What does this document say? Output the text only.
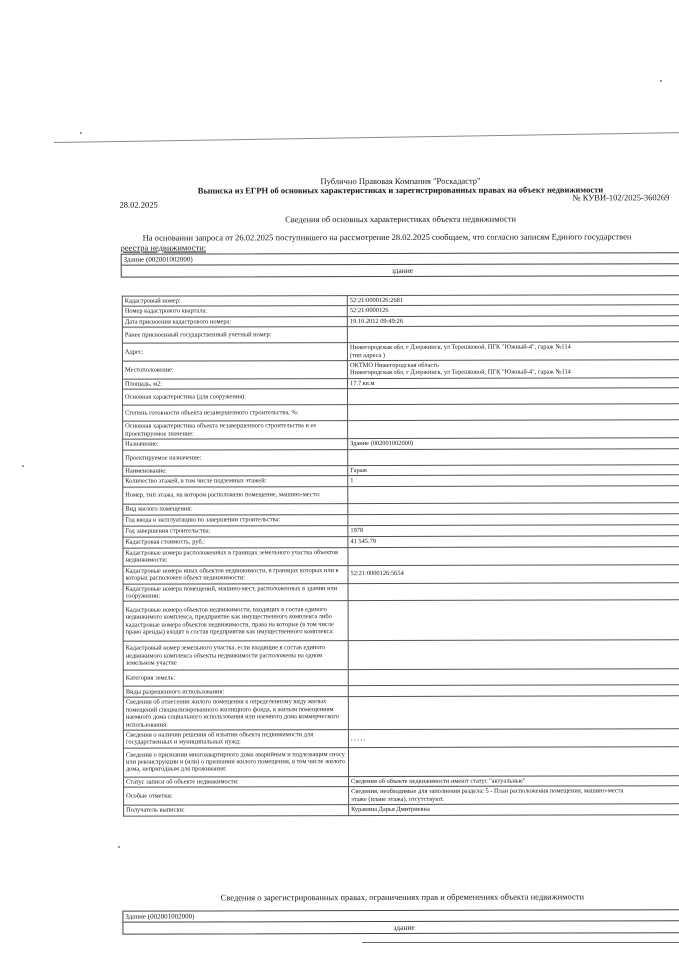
Публично Правовая Компания "Роскадастр"
Выписка из ЕГРН об основных характеристиках и зарегистрированных правах на объект недвижимости
28.02.2025
№ КУВИ-102/2025-360269
Сведения об основных характеристиках объекта недвижимости
На основании запроса от 26.02.2025 поступившего на рассмотрение 28.02.2025 сообщаем, что согласно записям Единого государствен
реестра недвижимости:
Здание (002001002000)
здание
Кадастровый номер:	52:21:0000126:2681
Номер кадастрового квартала:	52:21:0000126
Дата присвоения кадастрового номера:	19.10.2012 09:49:26
Ранее присвоенный государственный учетный номер:	
Адрес:	Нижегородская обл, г Дзержинск, ул Терешковой, ПГК "Южный-4", гараж №114
(тип адреса )
Местоположение:	ОКТМО Нижегородская область
Нижегородская обл, г Дзержинск, ул Терешковой, ПГК "Южный-4", гараж №114
Площадь, м2:	17.7 кв.м
Основная характеристика (для сооружения):	
Степень готовности объекта незавершенного строительства, %:	
Основная характеристика объекта незавершенного строительства и ее проектируемое значение:	
Назначение:	Здание (002001002000)
Проектируемое назначение:	
Наименование:	Гараж
Количество этажей, в том числе подземных этажей:	1
Номер, тип этажа, на котором расположено помещение, машино-место:	
Вид жилого помещения:	
Год ввода в эксплуатацию по завершении строительства:	
Год завершения строительства:	1978
Кадастровая стоимость, руб.:	41 545.79
Кадастровые номера расположенных в границах земельного участка объектов недвижимости:	
Кадастровые номера иных объектов недвижимости, в границах которых или в которых расположен объект недвижимости:	52:21:0000126:5654
Кадастровые номера помещений, машино-мест, расположенных в здании или сооружении:	
Кадастровые номера объектов недвижимости, входящих в состав единого недвижимого комплекса, предприятие как имущественного комплекса либо кадастровые номера объектов недвижимости, права на которые (в том числе право аренды) входят в состав предприятия как имущественного комплекса:	
Кадастровый номер земельного участка, если входящие в состав единого недвижимого комплекса объекты недвижимости расположены на одном земельном участке	
Категория земель:	
Виды разрешенного использования:	
Сведения об отнесении жилого помещения к определенному виду жилых помещений специализированного жилищного фонда, к жилым помещениям наемного дома социального использования или наемного дома коммерческого использования:	
Сведения о наличии решения об изъятии объекта недвижимости для государственных и муниципальных нужд:	, , , , ,
Сведения о признании многоквартирного дома аварийным и подлежащим сносу или реконструкции и (или) о признании жилого помещения, в том числе жилого дома, непригодным для проживания:	
Статус записи об объекте недвижимости:	Сведения об объекте недвижимости имеют статус "актуальные"
Особые отметки:	Сведения, необходимые для заполнения раздела: 5 - План расположения помещения, машино-места
этаже (плане этажа), отсутствуют.
Получатель выписки:	Куракина Дарья Дмитриевна
Сведения о зарегистрированных правах, ограничениях прав и обременениях объекта недвижимости
Здание (002001002000)
здание
